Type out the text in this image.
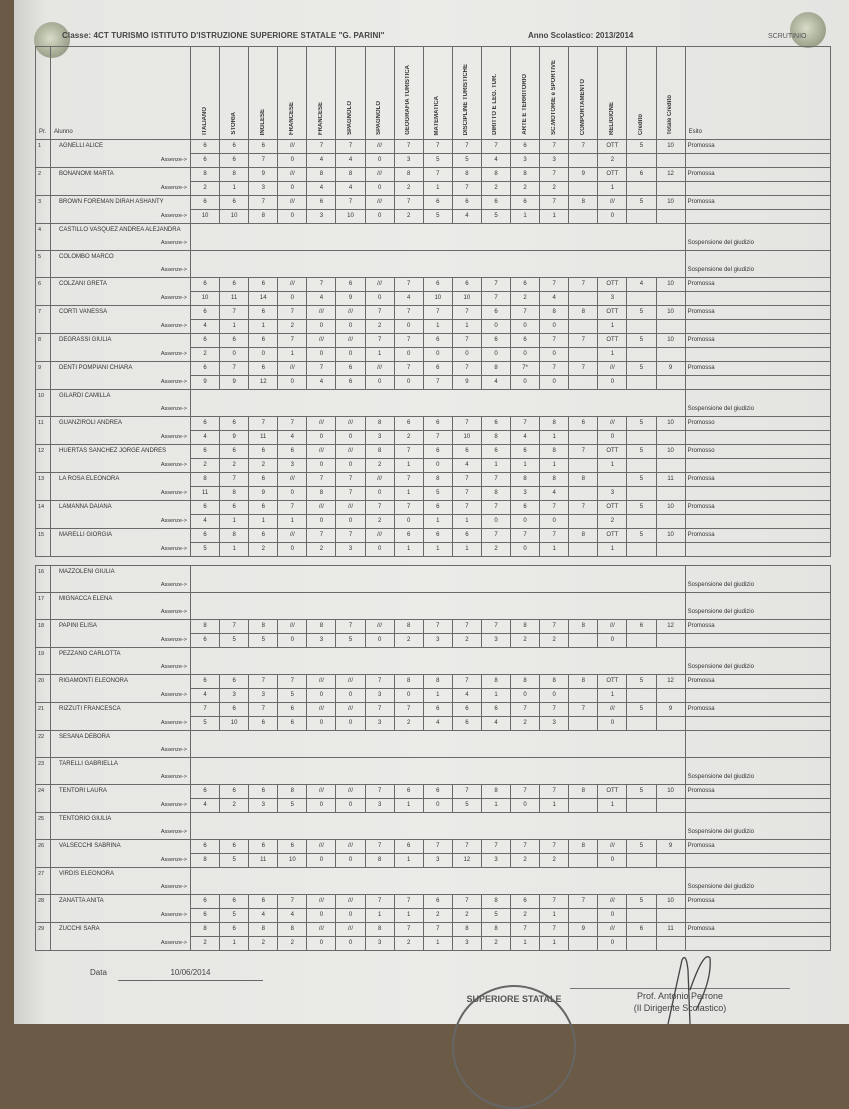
Classe: 4CT TURISMO ISTITUTO D'ISTRUZIONE SUPERIORE STATALE "G. PARINI"	Anno Scolastico: 2013/2014	SCRUTINIO
Pr.	Alunno	ITALIANO	STORIA	INGLESE	FRANCESE	FRANCESE	SPAGNOLO	SPAGNOLO	GEOGRAFIA TURISTICA	MATEMATICA	DISCIPLINE TURISTICHE	DIRITTO E LEG. TUR.	ARTE E TERRITORIO	SC.MOTORIE e SPORTIVE	COMPORTAMENTO	RELIGIONE	Credito	Totale Credito	Esito
1	AGNELLI ALICE	6	6	6	///	7	7	///	7	7	7	7	6	7	7	OTT	5	10	Promossa
	Assenze->	6	6	7	0	4	4	0	3	5	5	4	3	3		2			
2	BONANOMI MARTA	8	8	9	///	8	8	///	8	7	8	8	8	7	9	OTT	6	12	Promossa
	Assenze->	2	1	3	0	4	4	0	2	1	7	2	2	2		1			
3	BROWN FOREMAN DIRAH ASHANTY	6	6	7	///	6	7	///	7	6	6	6	6	7	8	///	5	10	Promossa
	Assenze->	10	10	8	0	3	10	0	2	5	4	5	1	1		0			
4	CASTILLO VASQUEZ ANDREA ALEJANDRA																		Sospensione del giudizio
	Assenze->																		
5	COLOMBO MARCO																		Sospensione del giudizio
	Assenze->																		
6	COLZANI GRETA	6	6	6	///	7	6	///	7	6	6	7	6	7	7	OTT	4	10	Promossa
	Assenze->	10	11	14	0	4	9	0	4	10	10	7	2	4		3			
7	CORTI VANESSA	6	7	6	7	///	///	7	7	7	7	6	7	8	8	OTT	5	10	Promossa
	Assenze->	4	1	1	2	0	0	2	0	1	1	0	0	0		1			
8	DEGRASSI GIULIA	6	6	6	7	///	///	7	7	6	7	6	6	7	7	OTT	5	10	Promossa
	Assenze->	2	0	0	1	0	0	1	0	0	0	0	0	0		1			
9	DENTI POMPIANI CHIARA	6	7	6	///	7	6	///	7	6	7	8	7*	7	7	///	5	9	Promossa
	Assenze->	9	9	12	0	4	6	0	0	7	9	4	0	0		0			
10	GILARDI CAMILLA																		Sospensione del giudizio
	Assenze->																		
11	GUANZIROLI ANDREA	6	6	7	7	///	///	8	6	6	7	6	7	8	6	///	5	10	Promosso
	Assenze->	4	9	11	4	0	0	3	2	7	10	8	4	1		0			
12	HUERTAS SANCHEZ JORGE ANDRES	6	6	6	6	///	///	8	7	6	6	6	6	8	7	OTT	5	10	Promosso
	Assenze->	2	2	2	3	0	0	2	1	0	4	1	1	1		1			
13	LA ROSA ELEONORA	8	7	6	///	7	7	///	7	8	7	7	8	8	8		5	11	Promossa
	Assenze->	11	8	9	0	8	7	0	1	5	7	8	3	4		3			
14	LAMANNA DAIANA	6	6	6	7	///	///	7	7	6	7	7	6	7	7	OTT	5	10	Promossa
	Assenze->	4	1	1	1	0	0	2	0	1	1	0	0	0		2			
15	MARELLI GIORGIA	6	8	6	///	7	7	///	6	6	6	7	7	7	8	OTT	5	10	Promossa
	Assenze->	5	1	2	0	2	3	0	1	1	1	2	0	1		1			

16	MAZZOLENI GIULIA																		Sospensione del giudizio
	Assenze->																		
17	MIGNACCA ELENA																		Sospensione del giudizio
	Assenze->																		
18	PAPINI ELISA	8	7	8	///	8	7	///	8	7	7	7	8	7	8	///	6	12	Promossa
	Assenze->	6	5	5	0	3	5	0	2	3	2	3	2	2		0			
19	PEZZANO CARLOTTA																		Sospensione del giudizio
	Assenze->																		
20	RIGAMONTI ELEONORA	6	6	7	7	///	///	7	8	8	7	8	8	8	8	OTT	5	12	Promossa
	Assenze->	4	3	3	5	0	0	3	0	1	4	1	0	0		1			
21	RIZZUTI FRANCESCA	7	6	7	6	///	///	7	7	6	6	6	7	7	7	///	5	9	Promossa
	Assenze->	5	10	6	6	0	0	3	2	4	6	4	2	3		0			
22	SESANA DEBORA																		
	Assenze->																		
23	TARELLI GABRIELLA																		Sospensione del giudizio
	Assenze->																		
24	TENTORI LAURA	6	6	6	8	///	///	7	6	6	7	8	7	7	8	OTT	5	10	Promossa
	Assenze->	4	2	3	5	0	0	3	1	0	5	1	0	1		1			
25	TENTORIO GIULIA																		Sospensione del giudizio
	Assenze->																		
26	VALSECCHI SABRINA	6	6	6	6	///	///	7	6	7	7	7	7	7	8	///	5	9	Promossa
	Assenze->	8	5	11	10	0	0	8	1	3	12	3	2	2		0			
27	VIRDIS ELEONORA																		Sospensione del giudizio
	Assenze->																		
28	ZANATTA ANITA	6	6	6	7	///	///	7	7	6	7	8	6	7	7	///	5	10	Promossa
	Assenze->	6	5	4	4	0	0	1	1	2	2	5	2	1		0			
29	ZUCCHI SARA	8	6	8	8	///	///	8	7	7	8	8	7	7	9	///	6	11	Promossa
	Assenze->	2	1	2	2	0	0	3	2	1	3	2	1	1		0			
Data	10/06/2014
SUPERIORE STATALE	Prof. Antonio Perrone
(Il Dirigente Scolastico)
